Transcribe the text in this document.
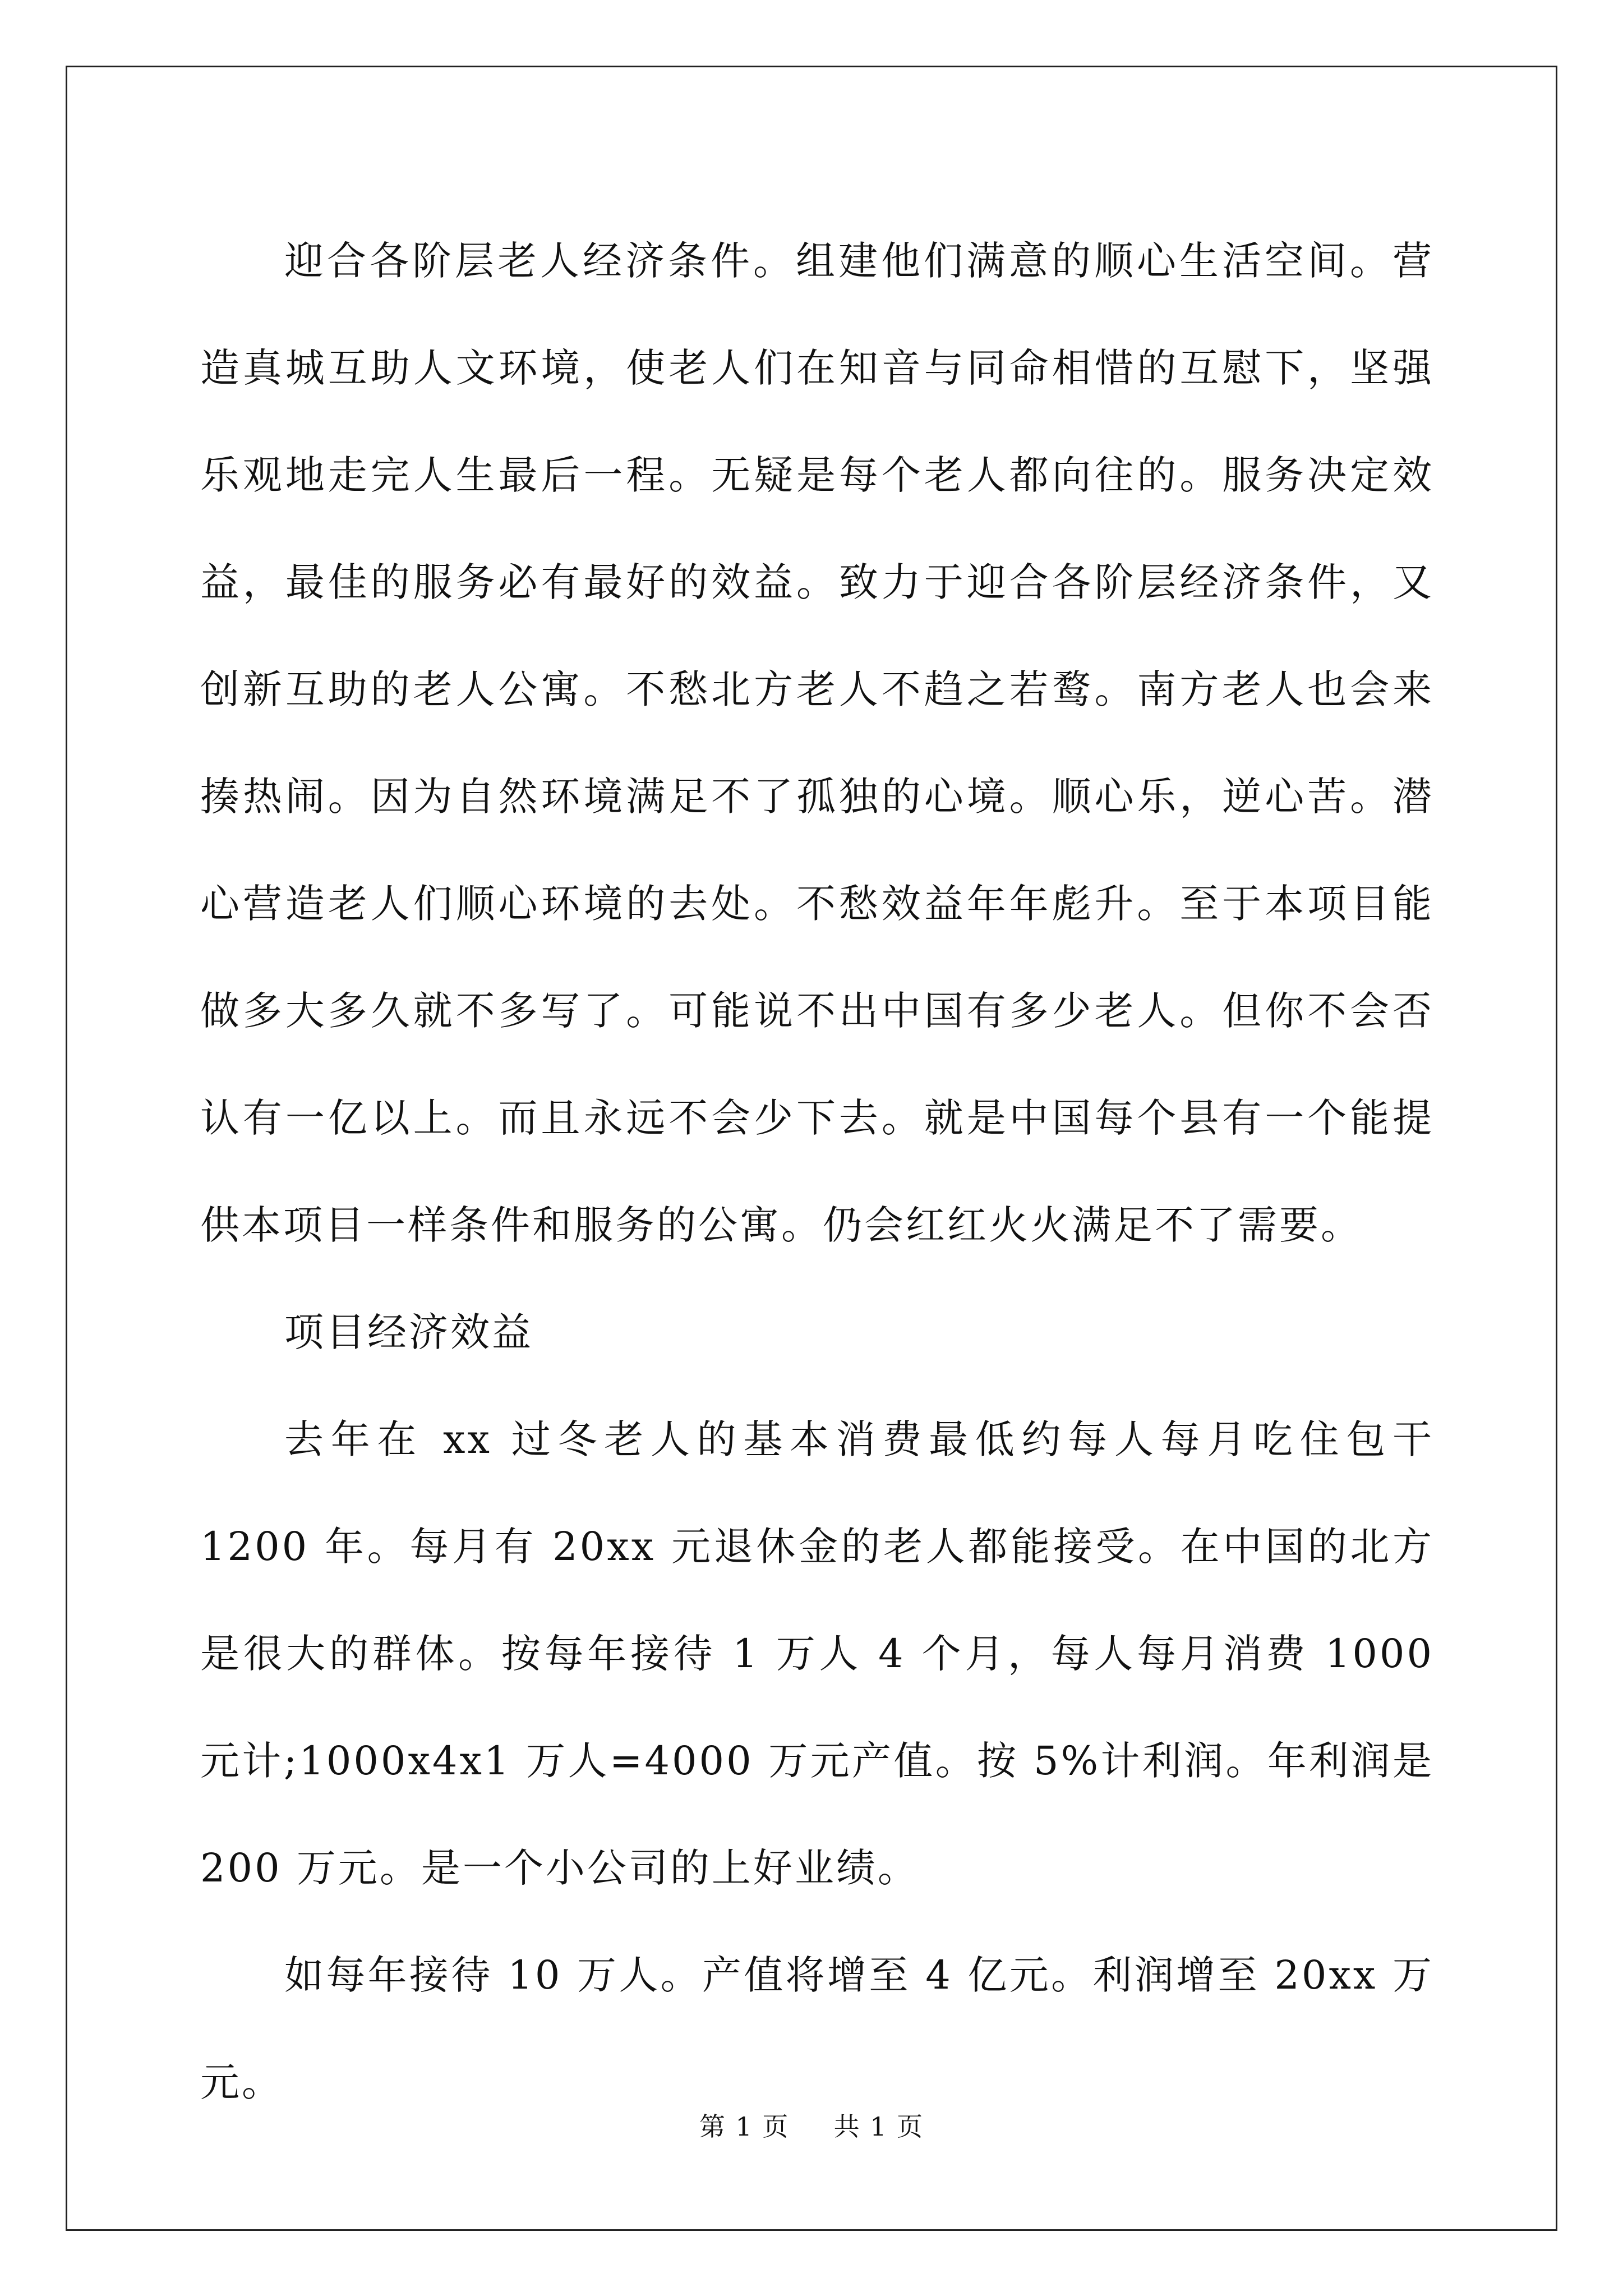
迎合各阶层老人经济条件。组建他们满意的顺心生活空间。营造真城互助人文环境，使老人们在知音与同命相惜的互慰下，坚强乐观地走完人生最后一程。无疑是每个老人都向往的。服务决定效益，最佳的服务必有最好的效益。致力于迎合各阶层经济条件，又创新互助的老人公寓。不愁北方老人不趋之若鹜。南方老人也会来揍热闹。因为自然环境满足不了孤独的心境。顺心乐，逆心苦。潜心营造老人们顺心环境的去处。不愁效益年年彪升。至于本项目能做多大多久就不多写了。可能说不出中国有多少老人。但你不会否认有一亿以上。而且永远不会少下去。就是中国每个县有一个能提供本项目一样条件和服务的公寓。仍会红红火火满足不了需要。

项目经济效益

去年在 xx 过冬老人的基本消费最低约每人每月吃住包干 1200 年。每月有 20xx 元退休金的老人都能接受。在中国的北方是很大的群体。按每年接待 1 万人 4 个月，每人每月消费 1000 元计;1000x4x1 万人=4000 万元产值。按 5%计利润。年利润是 200 万元。是一个小公司的上好业绩。

如每年接待 10 万人。产值将增至 4 亿元。利润增至 20xx 万元。

第 1 页 共 1 页
